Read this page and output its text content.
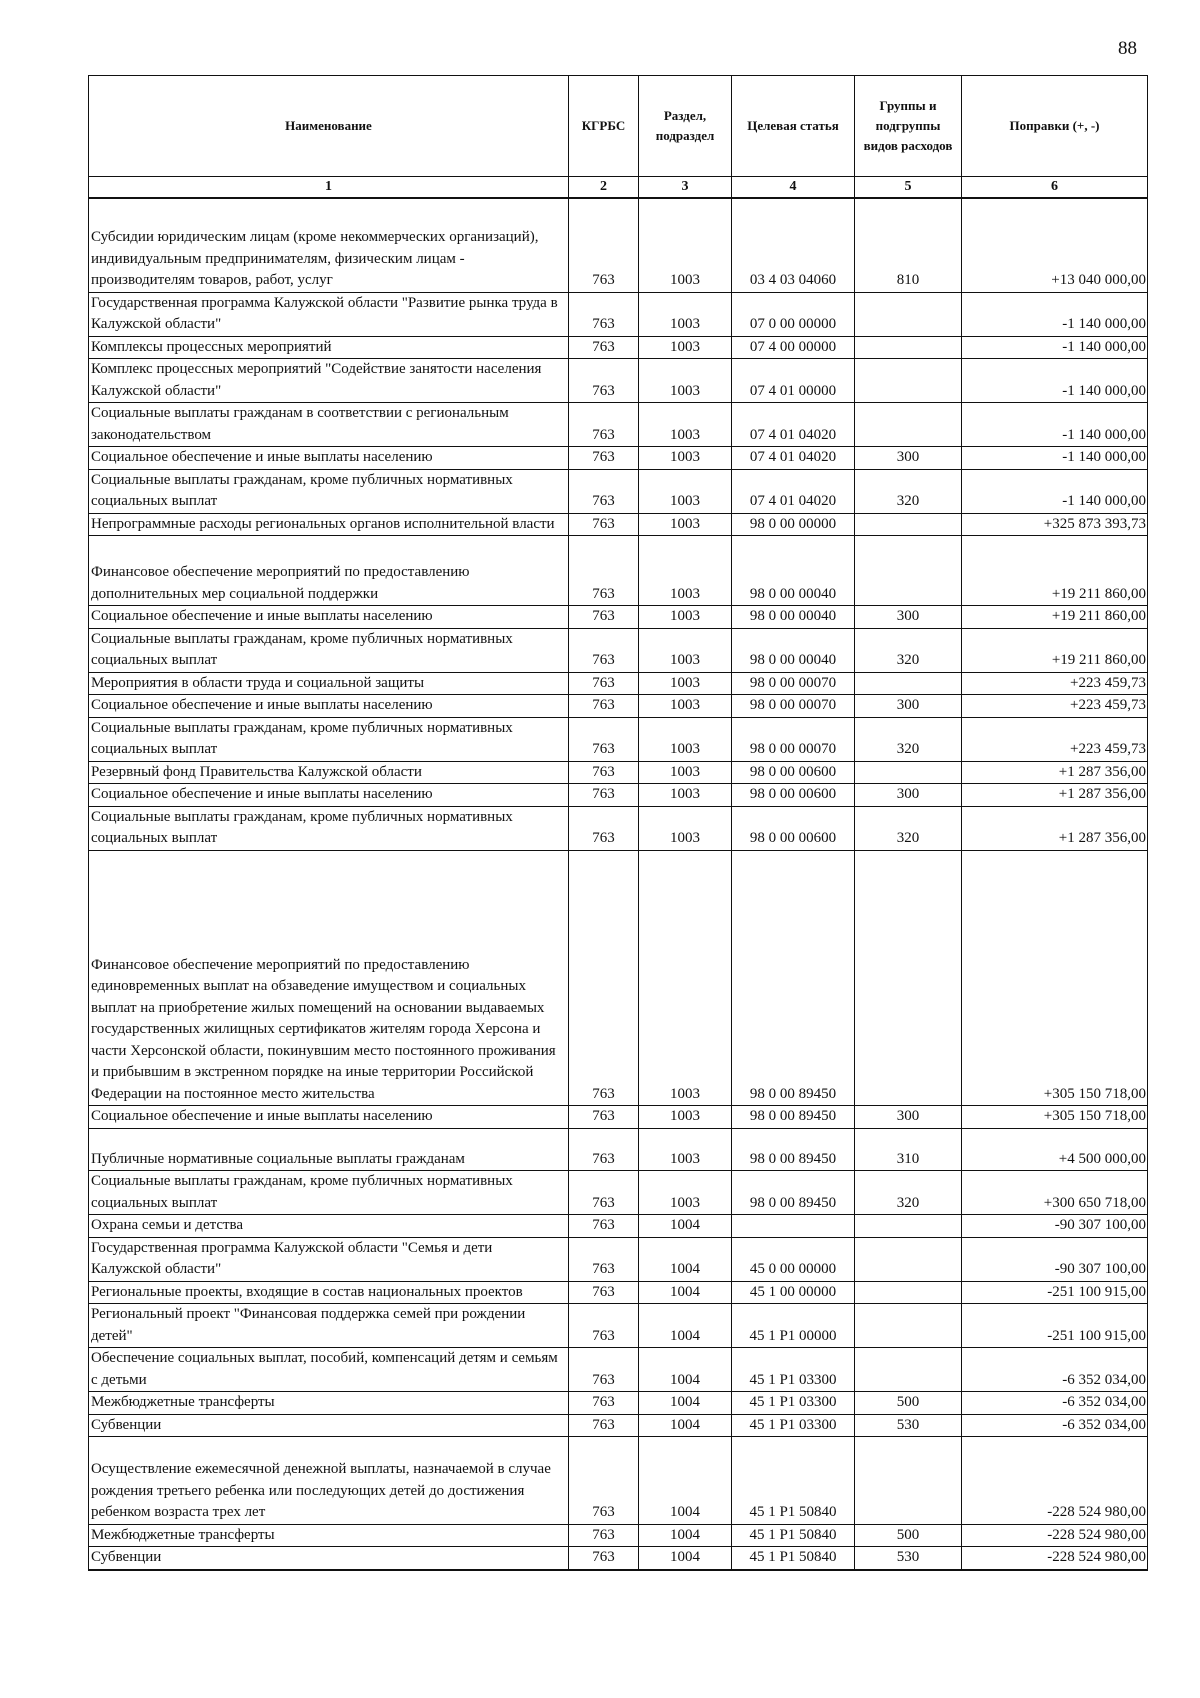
88
Наименование	КГРБС	Раздел, подраздел	Целевая статья	Группы и подгруппы видов расходов	Поправки (+, -)
1	2	3	4	5	6
Субсидии юридическим лицам (кроме некоммерческих организаций), индивидуальным предпринимателям, физическим лицам - производителям товаров, работ, услуг	763	1003	03 4 03 04060	810	+13 040 000,00
Государственная программа Калужской области "Развитие рынка труда в Калужской области"	763	1003	07 0 00 00000		-1 140 000,00
Комплексы процессных мероприятий	763	1003	07 4 00 00000		-1 140 000,00
Комплекс процессных мероприятий "Содействие занятости населения Калужской области"	763	1003	07 4 01 00000		-1 140 000,00
Социальные выплаты гражданам в соответствии с региональным законодательством	763	1003	07 4 01 04020		-1 140 000,00
Социальное обеспечение и иные выплаты населению	763	1003	07 4 01 04020	300	-1 140 000,00
Социальные выплаты гражданам, кроме публичных нормативных социальных выплат	763	1003	07 4 01 04020	320	-1 140 000,00
Непрограммные расходы региональных органов исполнительной власти	763	1003	98 0 00 00000		+325 873 393,73
Финансовое обеспечение мероприятий по предоставлению дополнительных мер социальной поддержки	763	1003	98 0 00 00040		+19 211 860,00
Социальное обеспечение и иные выплаты населению	763	1003	98 0 00 00040	300	+19 211 860,00
Социальные выплаты гражданам, кроме публичных нормативных социальных выплат	763	1003	98 0 00 00040	320	+19 211 860,00
Мероприятия в области труда и социальной защиты	763	1003	98 0 00 00070		+223 459,73
Социальное обеспечение и иные выплаты населению	763	1003	98 0 00 00070	300	+223 459,73
Социальные выплаты гражданам, кроме публичных нормативных социальных выплат	763	1003	98 0 00 00070	320	+223 459,73
Резервный фонд Правительства Калужской области	763	1003	98 0 00 00600		+1 287 356,00
Социальное обеспечение и иные выплаты населению	763	1003	98 0 00 00600	300	+1 287 356,00
Социальные выплаты гражданам, кроме публичных нормативных социальных выплат	763	1003	98 0 00 00600	320	+1 287 356,00
Финансовое обеспечение мероприятий по предоставлению единовременных выплат на обзаведение имуществом и социальных выплат на приобретение жилых помещений на основании выдаваемых государственных жилищных сертификатов жителям города Херсона и части Херсонской области, покинувшим место постоянного проживания и прибывшим в экстренном порядке на иные территории Российской Федерации на постоянное место жительства	763	1003	98 0 00 89450		+305 150 718,00
Социальное обеспечение и иные выплаты населению	763	1003	98 0 00 89450	300	+305 150 718,00
Публичные нормативные социальные выплаты гражданам	763	1003	98 0 00 89450	310	+4 500 000,00
Социальные выплаты гражданам, кроме публичных нормативных социальных выплат	763	1003	98 0 00 89450	320	+300 650 718,00
Охрана семьи и детства	763	1004			-90 307 100,00
Государственная программа Калужской области "Семья и дети Калужской области"	763	1004	45 0 00 00000		-90 307 100,00
Региональные проекты, входящие в состав национальных проектов	763	1004	45 1 00 00000		-251 100 915,00
Региональный проект "Финансовая поддержка семей при рождении детей"	763	1004	45 1 P1 00000		-251 100 915,00
Обеспечение социальных выплат, пособий, компенсаций детям и семьям с детьми	763	1004	45 1 P1 03300		-6 352 034,00
Межбюджетные трансферты	763	1004	45 1 P1 03300	500	-6 352 034,00
Субвенции	763	1004	45 1 P1 03300	530	-6 352 034,00
Осуществление ежемесячной денежной выплаты, назначаемой в случае рождения третьего ребенка или последующих детей до достижения ребенком возраста трех лет	763	1004	45 1 P1 50840		-228 524 980,00
Межбюджетные трансферты	763	1004	45 1 P1 50840	500	-228 524 980,00
Субвенции	763	1004	45 1 P1 50840	530	-228 524 980,00
